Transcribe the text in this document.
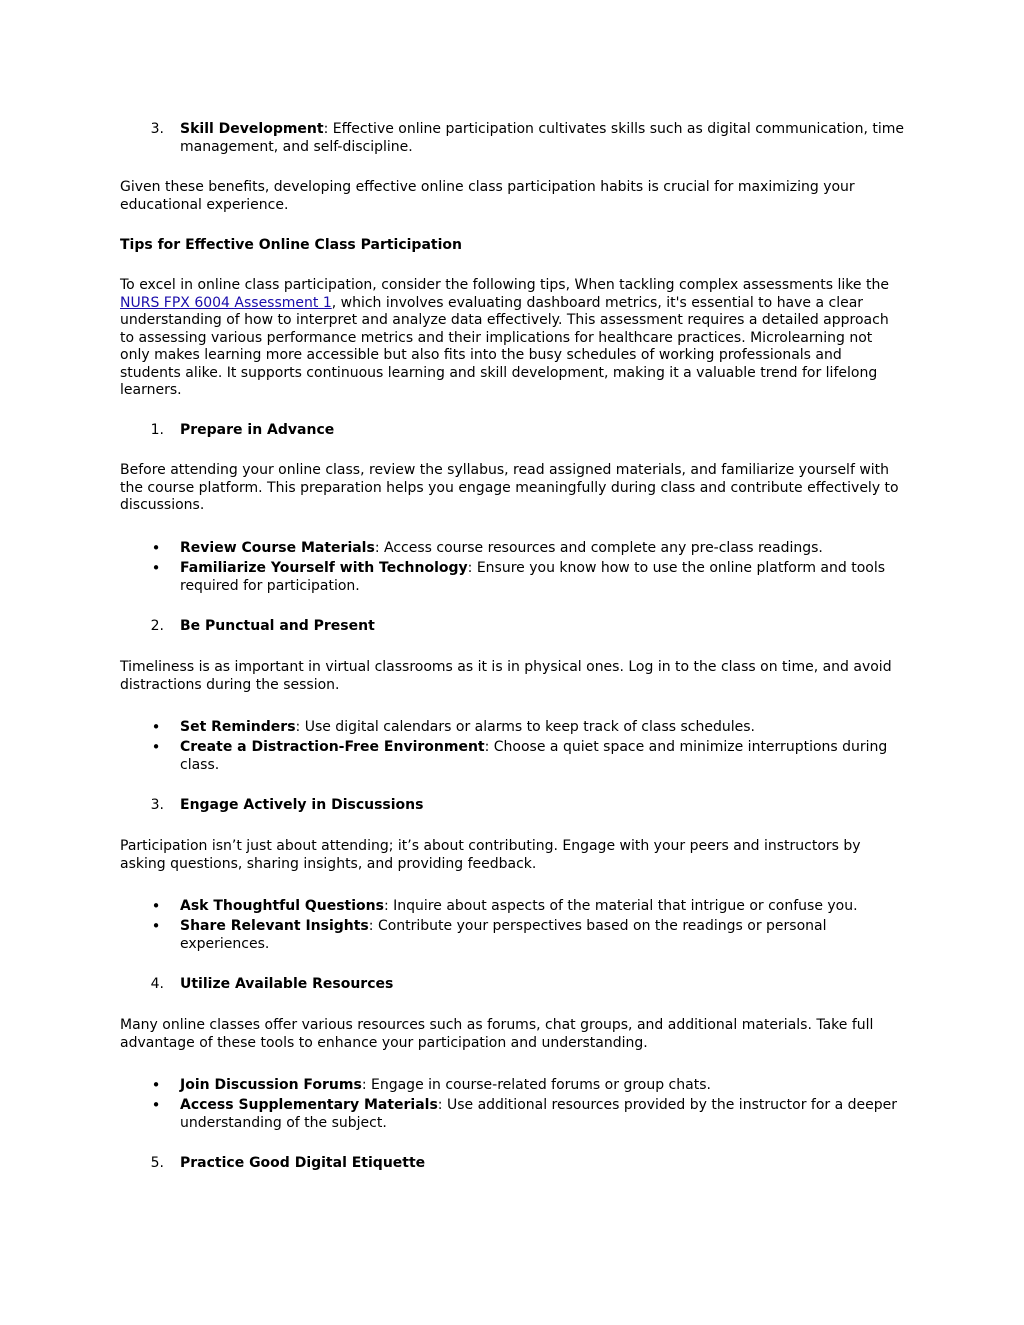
3. Skill Development: Effective online participation cultivates skills such as digital communication, time management, and self-discipline.

Given these benefits, developing effective online class participation habits is crucial for maximizing your educational experience.

Tips for Effective Online Class Participation

To excel in online class participation, consider the following tips, When tackling complex assessments like the NURS FPX 6004 Assessment 1, which involves evaluating dashboard metrics, it's essential to have a clear understanding of how to interpret and analyze data effectively. This assessment requires a detailed approach to assessing various performance metrics and their implications for healthcare practices. Microlearning not only makes learning more accessible but also fits into the busy schedules of working professionals and students alike. It supports continuous learning and skill development, making it a valuable trend for lifelong learners.

1. Prepare in Advance

Before attending your online class, review the syllabus, read assigned materials, and familiarize yourself with the course platform. This preparation helps you engage meaningfully during class and contribute effectively to discussions.

• Review Course Materials: Access course resources and complete any pre-class readings.

• Familiarize Yourself with Technology: Ensure you know how to use the online platform and tools required for participation.

2. Be Punctual and Present

Timeliness is as important in virtual classrooms as it is in physical ones. Log in to the class on time, and avoid distractions during the session.

• Set Reminders: Use digital calendars or alarms to keep track of class schedules.

• Create a Distraction-Free Environment: Choose a quiet space and minimize interruptions during class.

3. Engage Actively in Discussions

Participation isn’t just about attending; it’s about contributing. Engage with your peers and instructors by asking questions, sharing insights, and providing feedback.

• Ask Thoughtful Questions: Inquire about aspects of the material that intrigue or confuse you.

• Share Relevant Insights: Contribute your perspectives based on the readings or personal experiences.

4. Utilize Available Resources

Many online classes offer various resources such as forums, chat groups, and additional materials. Take full advantage of these tools to enhance your participation and understanding.

• Join Discussion Forums: Engage in course-related forums or group chats.

• Access Supplementary Materials: Use additional resources provided by the instructor for a deeper understanding of the subject.

5. Practice Good Digital Etiquette
